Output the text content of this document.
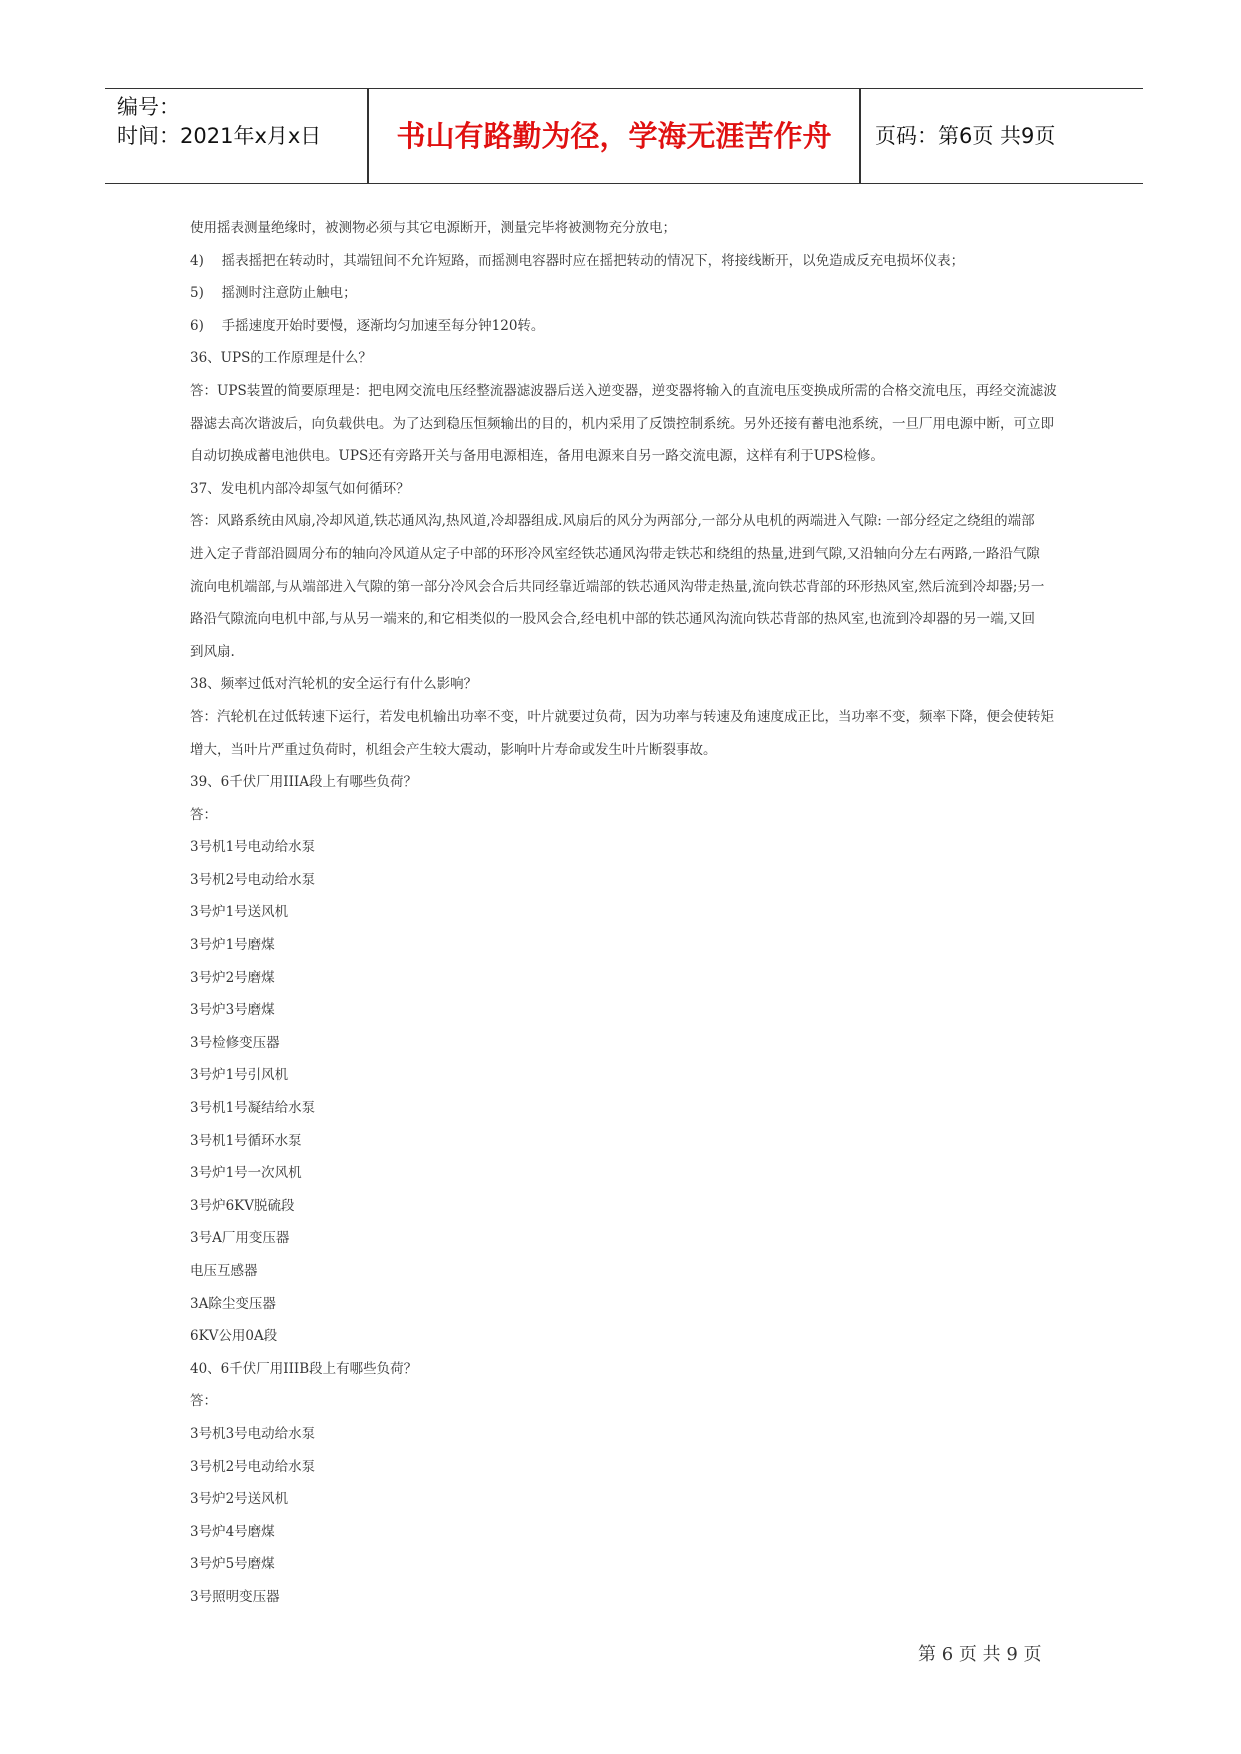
编号：
时间：2021年x月x日	书山有路勤为径，学海无涯苦作舟	页码：第6页 共9页
使用摇表测量绝缘时，被测物必须与其它电源断开，测量完毕将被测物充分放电；
4)　 摇表摇把在转动时，其端钮间不允许短路，而摇测电容器时应在摇把转动的情况下，将接线断开，以免造成反充电损坏仪表；
5)　 摇测时注意防止触电；
6)　 手摇速度开始时要慢，逐渐均匀加速至每分钟120转。
36、UPS的工作原理是什么？
答：UPS装置的简要原理是：把电网交流电压经整流器滤波器后送入逆变器，逆变器将输入的直流电压变换成所需的合格交流电压，再经交流滤波
器滤去高次谐波后，向负载供电。为了达到稳压恒频输出的目的，机内采用了反馈控制系统。另外还接有蓄电池系统，一旦厂用电源中断，可立即
自动切换成蓄电池供电。UPS还有旁路开关与备用电源相连，备用电源来自另一路交流电源，这样有利于UPS检修。
37、发电机内部冷却氢气如何循环？
答：风路系统由风扇,冷却风道,铁芯通风沟,热风道,冷却器组成.风扇后的风分为两部分,一部分从电机的两端进入气隙: 一部分经定之绕组的端部
进入定子背部沿圆周分布的轴向冷风道从定子中部的环形冷风室经铁芯通风沟带走铁芯和绕组的热量,进到气隙,又沿轴向分左右两路,一路沿气隙
流向电机端部,与从端部进入气隙的第一部分冷风会合后共同经靠近端部的铁芯通风沟带走热量,流向铁芯背部的环形热风室,然后流到冷却器;另一
路沿气隙流向电机中部,与从另一端来的,和它相类似的一股风会合,经电机中部的铁芯通风沟流向铁芯背部的热风室,也流到冷却器的另一端,又回
到风扇.
38、频率过低对汽轮机的安全运行有什么影响？
答：汽轮机在过低转速下运行，若发电机输出功率不变，叶片就要过负荷，因为功率与转速及角速度成正比，当功率不变，频率下降，便会使转矩
增大，当叶片严重过负荷时，机组会产生较大震动，影响叶片寿命或发生叶片断裂事故。
39、6千伏厂用IIIA段上有哪些负荷？
答：
3号机1号电动给水泵
3号机2号电动给水泵
3号炉1号送风机
3号炉1号磨煤
3号炉2号磨煤
3号炉3号磨煤
3号检修变压器
3号炉1号引风机
3号机1号凝结给水泵
3号机1号循环水泵
3号炉1号一次风机
3号炉6KV脱硫段
3号A厂用变压器
电压互感器
3A除尘变压器
6KV公用0A段
40、6千伏厂用IIIB段上有哪些负荷？
答：
3号机3号电动给水泵
3号机2号电动给水泵
3号炉2号送风机
3号炉4号磨煤
3号炉5号磨煤
3号照明变压器
第 6 页 共 9 页
